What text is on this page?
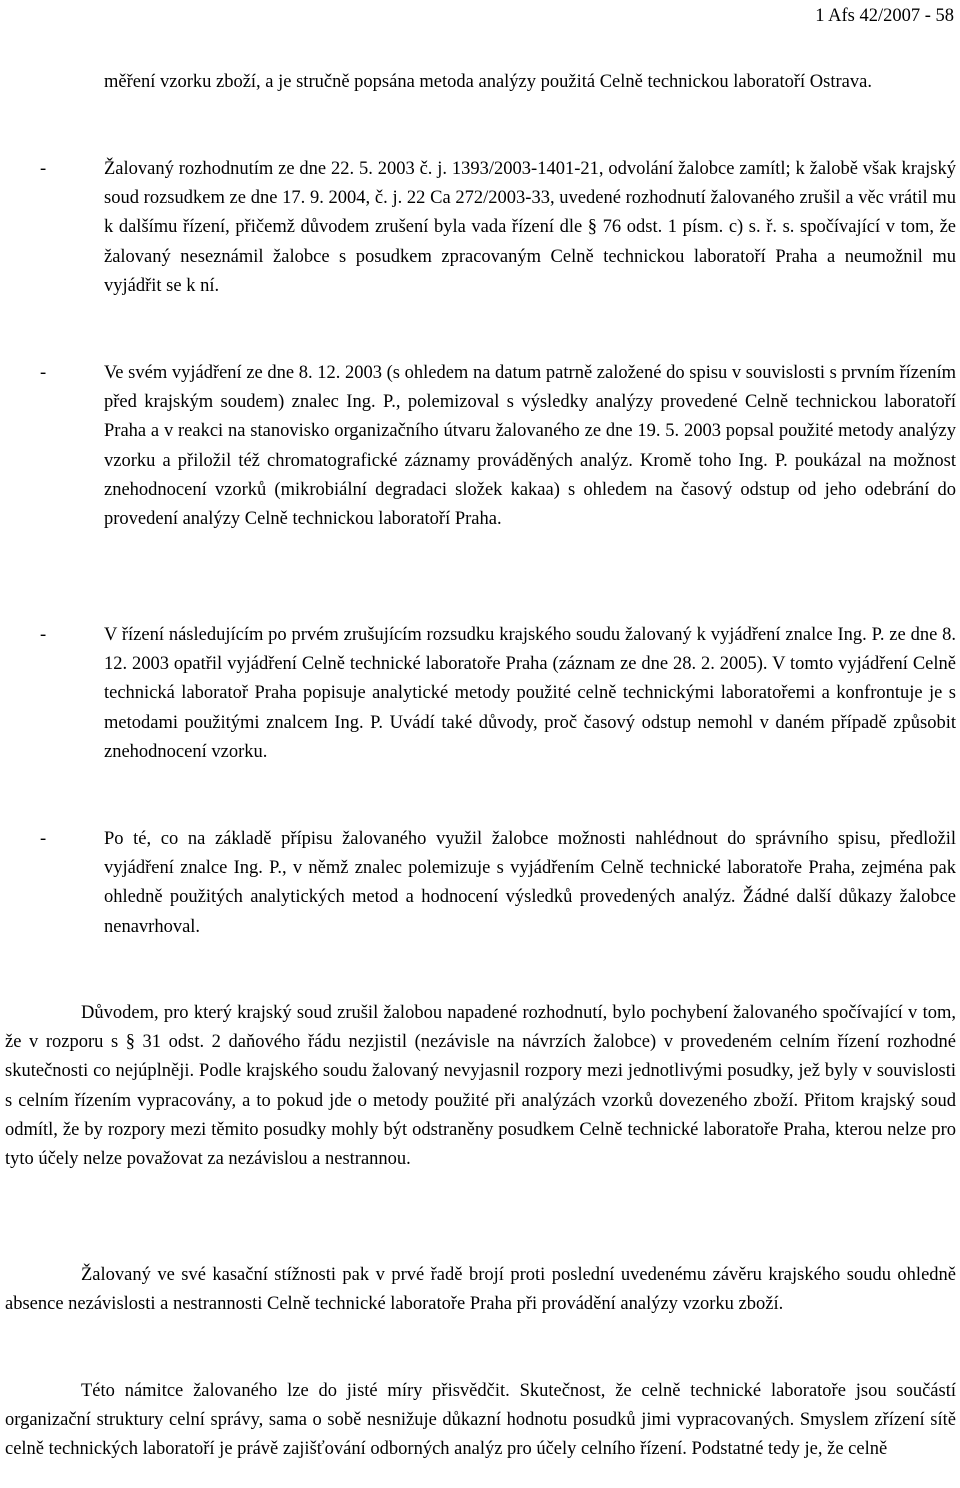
1 Afs 42/2007 - 58

měření vzorku zboží, a je stručně popsána metoda analýzy použitá Celně technickou laboratoří Ostrava.

-	Žalovaný rozhodnutím ze dne 22. 5. 2003 č. j. 1393/2003-1401-21, odvolání žalobce zamítl; k žalobě však krajský soud rozsudkem ze dne 17. 9. 2004, č. j. 22 Ca 272/2003-33, uvedené rozhodnutí žalovaného zrušil a věc vrátil mu k dalšímu řízení, přičemž důvodem zrušení byla vada řízení dle § 76 odst. 1 písm. c) s. ř. s. spočívající v tom, že žalovaný neseznámil žalobce s posudkem zpracovaným Celně technickou laboratoří Praha a neumožnil mu vyjádřit se k ní.

-	Ve svém vyjádření ze dne 8. 12. 2003 (s ohledem na datum patrně založené do spisu v souvislosti s prvním řízením před krajským soudem) znalec Ing. P., polemizoval s výsledky analýzy provedené Celně technickou laboratoří Praha a v reakci na stanovisko organizačního útvaru žalovaného ze dne 19. 5. 2003 popsal použité metody analýzy vzorku a přiložil též chromatografické záznamy prováděných analýz. Kromě toho Ing. P. poukázal na možnost znehodnocení vzorků (mikrobiální degradaci složek kakaa) s ohledem na časový odstup od jeho odebrání do provedení analýzy Celně technickou laboratoří Praha.

-	V řízení následujícím po prvém zrušujícím rozsudku krajského soudu žalovaný k vyjádření znalce Ing. P. ze dne 8. 12. 2003 opatřil vyjádření Celně technické laboratoře Praha (záznam ze dne 28. 2. 2005). V tomto vyjádření Celně technická laboratoř Praha popisuje analytické metody použité celně technickými laboratořemi a konfrontuje je s metodami použitými znalcem Ing. P. Uvádí také důvody, proč časový odstup nemohl v daném případě způsobit znehodnocení vzorku.

-	Po té, co na základě přípisu žalovaného využil žalobce možnosti nahlédnout do správního spisu, předložil vyjádření znalce Ing. P., v němž znalec polemizuje s vyjádřením Celně technické laboratoře Praha, zejména pak ohledně použitých analytických metod a hodnocení výsledků provedených analýz. Žádné další důkazy žalobce nenavrhoval.

Důvodem, pro který krajský soud zrušil žalobou napadené rozhodnutí, bylo pochybení žalovaného spočívající v tom, že v rozporu s § 31 odst. 2 daňového řádu nezjistil (nezávisle na návrzích žalobce) v provedeném celním řízení rozhodné skutečnosti co nejúplněji. Podle krajského soudu žalovaný nevyjasnil rozpory mezi jednotlivými posudky, jež byly v souvislosti s celním řízením vypracovány, a to pokud jde o metody použité při analýzách vzorků dovezeného zboží. Přitom krajský soud odmítl, že by rozpory mezi těmito posudky mohly být odstraněny posudkem Celně technické laboratoře Praha, kterou nelze pro tyto účely nelze považovat za nezávislou a nestrannou.

Žalovaný ve své kasační stížnosti pak v prvé řadě brojí proti poslední uvedenému závěru krajského soudu ohledně absence nezávislosti a nestrannosti Celně technické laboratoře Praha při provádění analýzy vzorku zboží.

Této námitce žalovaného lze do jisté míry přisvědčit. Skutečnost, že celně technické laboratoře jsou součástí organizační struktury celní správy, sama o sobě nesnižuje důkazní hodnotu posudků jimi vypracovaných. Smyslem zřízení sítě celně technických laboratoří je právě zajišťování odborných analýz pro účely celního řízení. Podstatné tedy je, že celně
